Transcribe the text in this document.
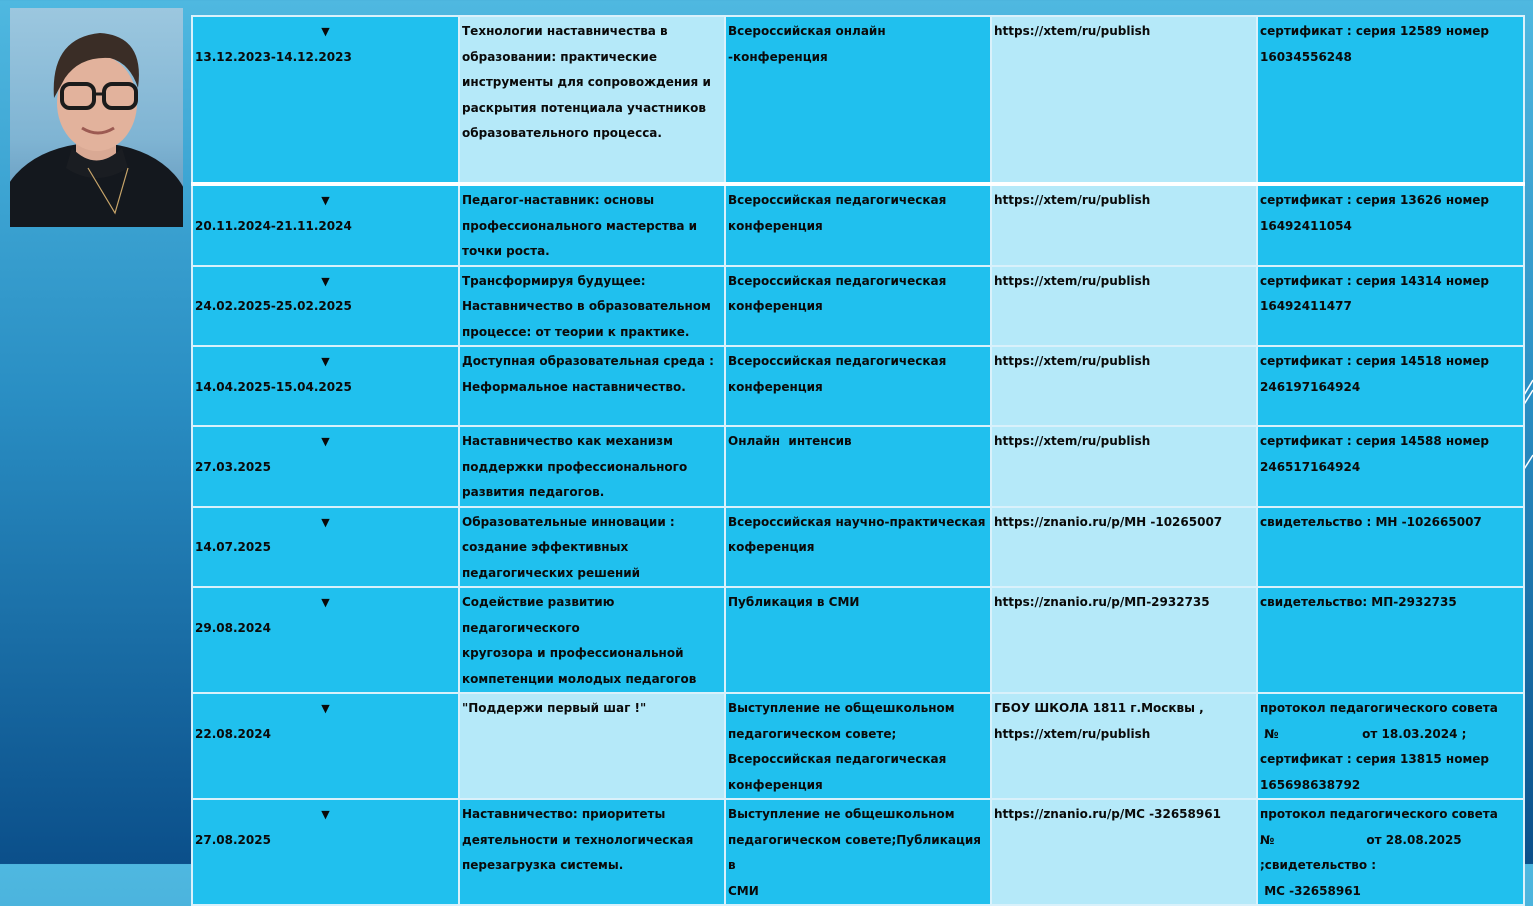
▼
13.12.2023-14.12.2023	Технологии наставничества в
образовании: практические
инструменты для сопровождения и
раскрытия потенциала участников
образовательного процесса.	Всероссийская онлайн -конференция	https://xtem/ru/publish	сертификат : серия 12589 номер
16034556248

▼
20.11.2024-21.11.2024	Педагог-наставник: основы
профессионального мастерства и
точки роста.	Всероссийская педагогическая
конференция	https://xtem/ru/publish	сертификат : серия 13626 номер
16492411054

▼
24.02.2025-25.02.2025	Трансформируя будущее:
Наставничество в образовательном
процессе: от теории к практике.	Всероссийская педагогическая
конференция	https://xtem/ru/publish	сертификат : серия 14314 номер
16492411477

▼
14.04.2025-15.04.2025	Доступная образовательная среда :
Неформальное наставничество.	Всероссийская педагогическая
конференция	https://xtem/ru/publish	сертификат : серия 14518 номер
246197164924

▼
27.03.2025	Наставничество как механизм
поддержки профессионального
развития педагогов.	Онлайн  интенсив	https://xtem/ru/publish	сертификат : серия 14588 номер
246517164924

▼
14.07.2025	Образовательные инновации :
создание эффективных
педагогических решений	Всероссийская научно-практическая
коференция	https://znanio.ru/p/МН -10265007	свидетельство : МН -102665007

▼
29.08.2024	Содействие развитию педагогического
кругозора и профессиональной
компетенции молодых педагогов	Публикация в СМИ	https://znanio.ru/p/МП-2932735	свидетельство: МП-2932735

▼
22.08.2024	"Поддержи первый шаг !"	Выступление не общешкольном
педагогическом совете;
Всероссийская педагогическая
конференция	ГБОУ ШКОЛА 1811 г.Москвы ,
https://xtem/ru/publish	протокол педагогического совета
№                    от 18.03.2024 ;
сертификат : серия 13815 номер
165698638792

▼
27.08.2025	Наставничество: приоритеты
деятельности и технологическая
перезагрузка системы.	Выступление не общешкольном
педагогическом совете;Публикация в
СМИ	https://znanio.ru/p/МС -32658961	протокол педагогического совета
№                      от 28.08.2025
;свидетельство :
МС -32658961
